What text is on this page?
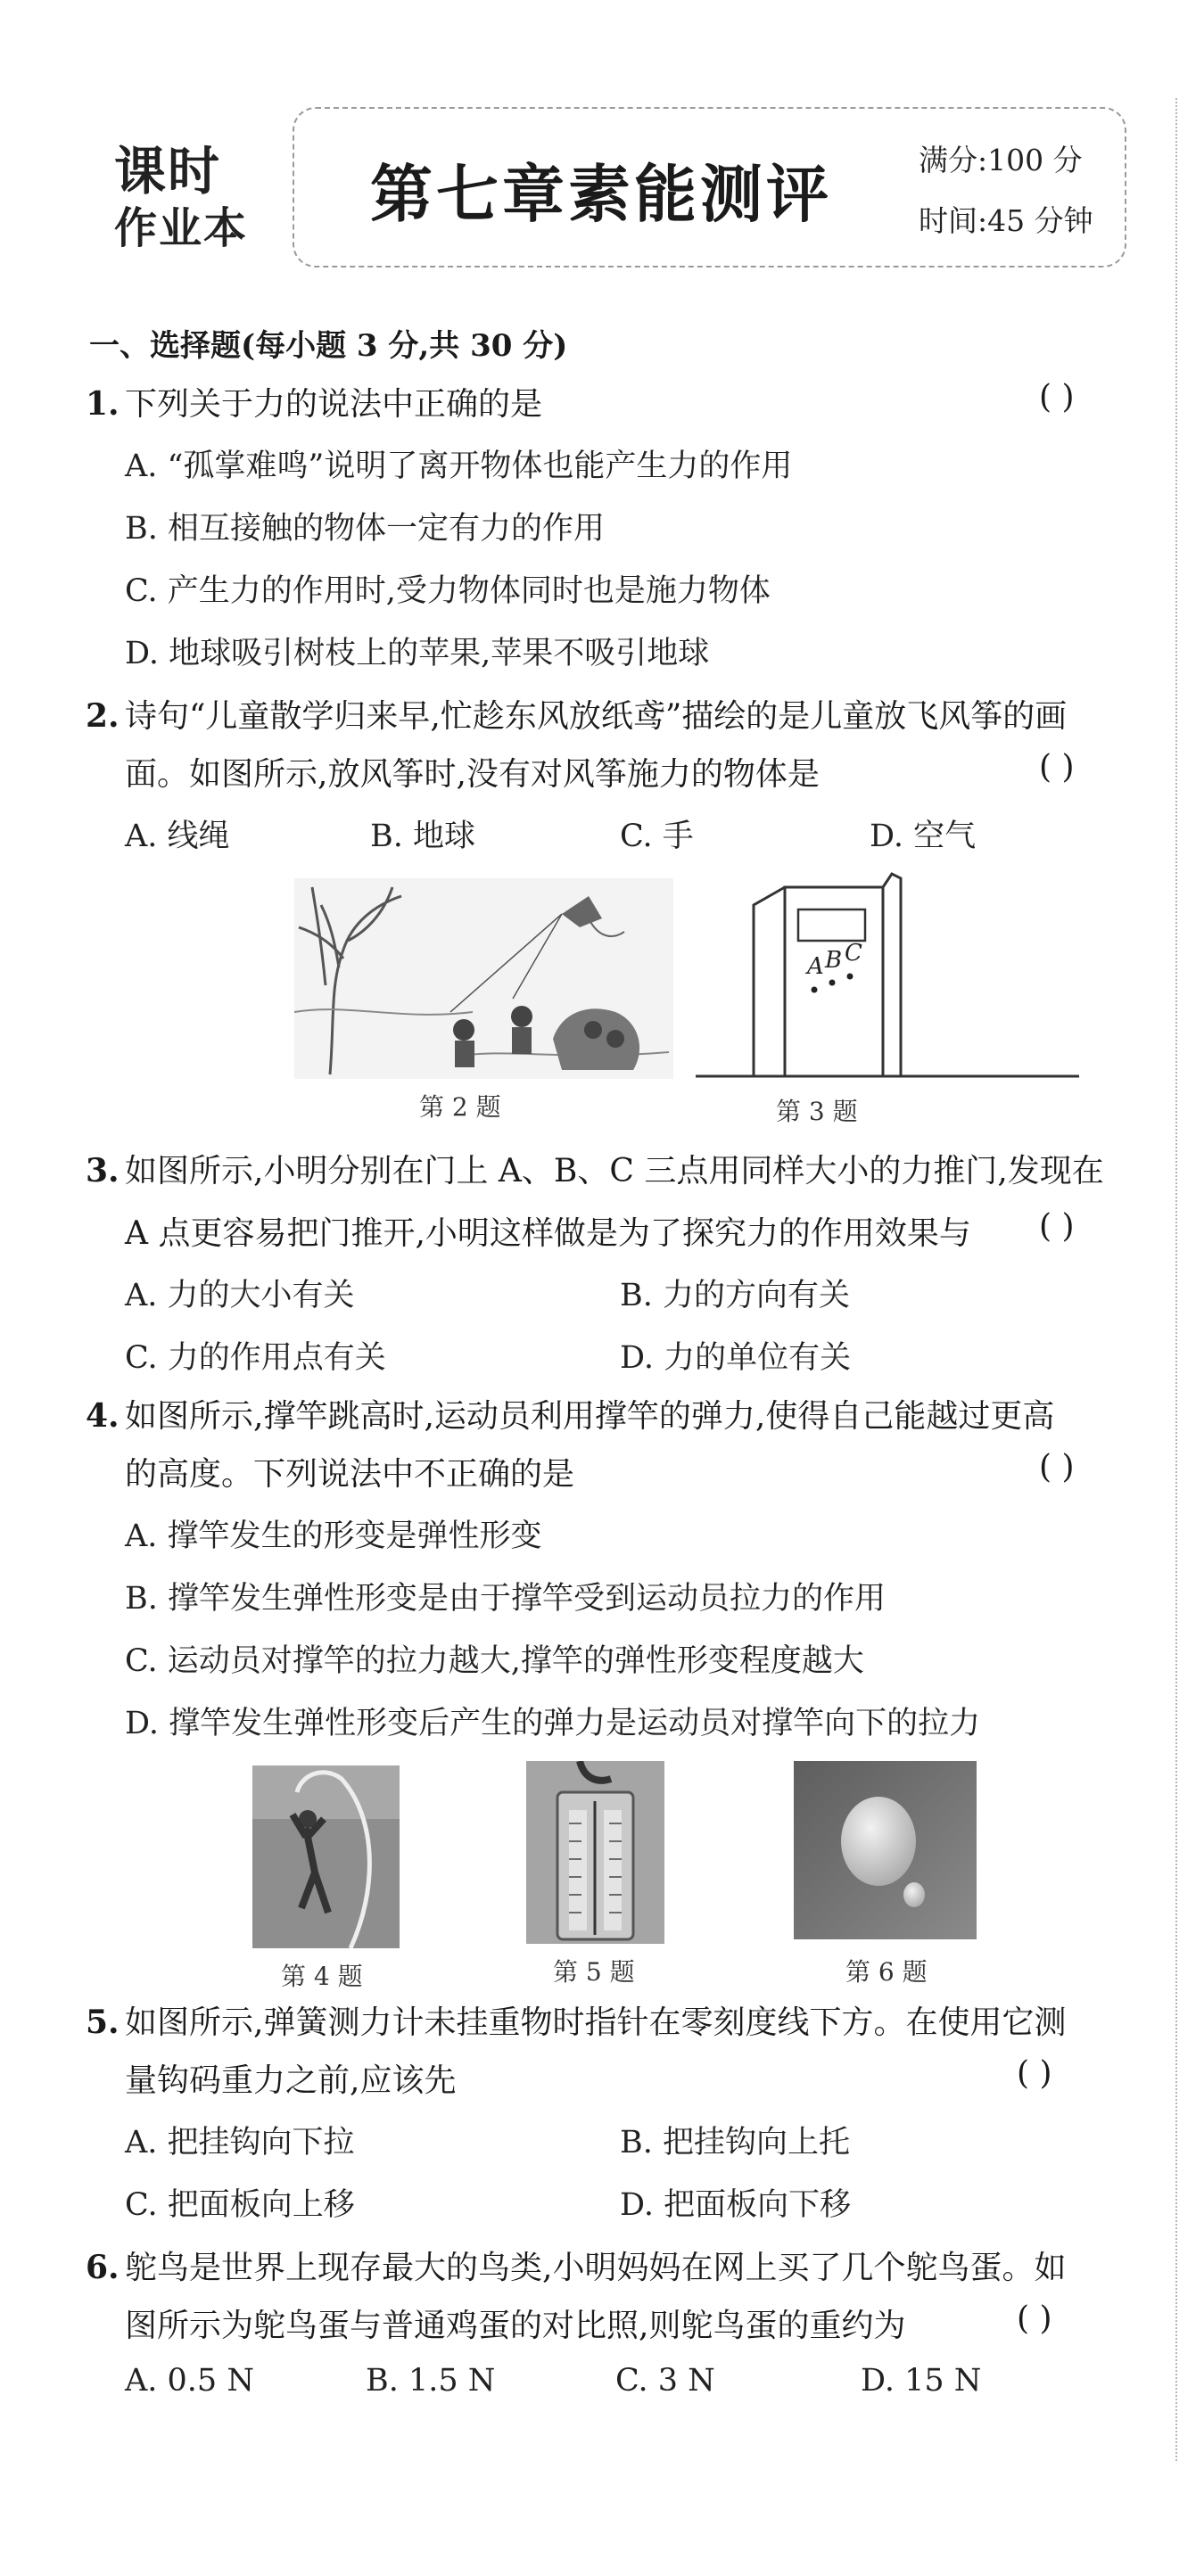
课时
作业本 第七章素能测评	满分:100 分
时间:45 分钟
一、选择题(每小题 3 分,共 30 分)
1. 下列关于力的说法中正确的是	( )
A. “孤掌难鸣”说明了离开物体也能产生力的作用
B. 相互接触的物体一定有力的作用
C. 产生力的作用时,受力物体同时也是施力物体
D. 地球吸引树枝上的苹果,苹果不吸引地球
2. 诗句“儿童散学归来早,忙趁东风放纸鸢”描绘的是儿童放飞风筝的画
面。如图所示,放风筝时,没有对风筝施力的物体是	( )
A. 线绳	B. 地球	C. 手	D. 空气
第 2 题
A B C
第 3 题
3. 如图所示,小明分别在门上 A、B、C 三点用同样大小的力推门,发现在
A 点更容易把门推开,小明这样做是为了探究力的作用效果与 ( )
A. 力的大小有关	B. 力的方向有关
C. 力的作用点有关	D. 力的单位有关
4. 如图所示,撑竿跳高时,运动员利用撑竿的弹力,使得自己能越过更高
的高度。下列说法中不正确的是	( )
A. 撑竿发生的形变是弹性形变
B. 撑竿发生弹性形变是由于撑竿受到运动员拉力的作用
C. 运动员对撑竿的拉力越大,撑竿的弹性形变程度越大
D. 撑竿发生弹性形变后产生的弹力是运动员对撑竿向下的拉力
第 4 题	第 5 题	第 6 题
5. 如图所示,弹簧测力计未挂重物时指针在零刻度线下方。在使用它测
量钩码重力之前,应该先	( )
A. 把挂钩向下拉	B. 把挂钩向上托
C. 把面板向上移	D. 把面板向下移
6. 鸵鸟是世界上现存最大的鸟类,小明妈妈在网上买了几个鸵鸟蛋。如
图所示为鸵鸟蛋与普通鸡蛋的对比照,则鸵鸟蛋的重约为	( )
A. 0.5 N	B. 1.5 N	C. 3 N	D. 15 N
